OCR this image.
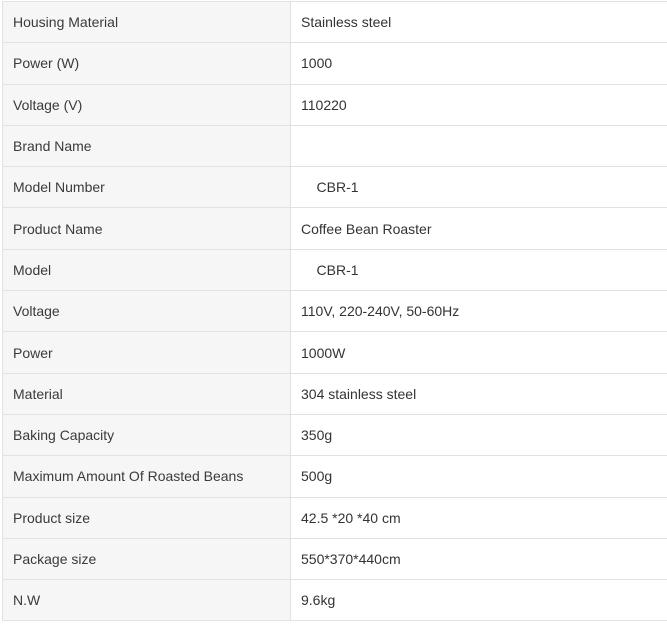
Housing Material	Stainless steel
Power (W)	1000
Voltage (V)	110220
Brand Name	
Model Number	CBR-1
Product Name	Coffee Bean Roaster
Model	CBR-1
Voltage	110V, 220-240V, 50-60Hz
Power	1000W
Material	304 stainless steel
Baking Capacity	350g
Maximum Amount Of Roasted Beans	500g
Product size	42.5 *20 *40 cm
Package size	550*370*440cm
N.W	9.6kg
